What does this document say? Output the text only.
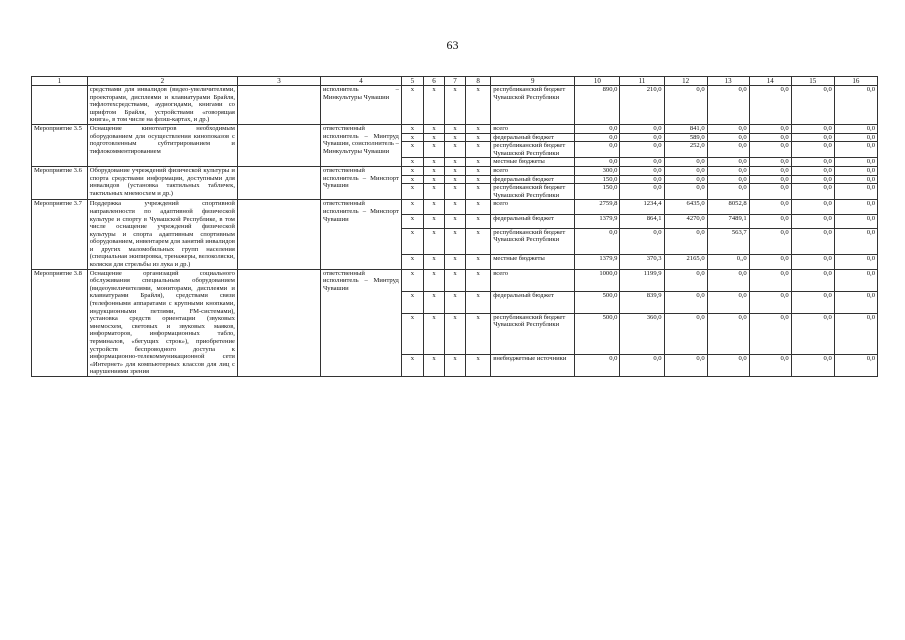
63
1	2	3	4	5	6	7	8	9	10	11	12	13	14	15	16
	средствами для инвалидов (видео-увеличителями, проекторами, дисплеями и клавиатурами Брайля, тифлотехсредствами, аудиогидами, книгами со шрифтом Брайля, устройствами «говорящая книга», в том числе на флэш-картах, и др.)		исполнитель – Минкультуры Чувашии	x	x	x	x	республиканский бюджет Чувашской Республики	890,0	210,0	0,0	0,0	0,0	0,0	0,0
Мероприятие 3.5	Оснащение кинотеатров необходимым оборудованием для осуществления кинопоказов с подготовленным субтитрированием и тифлокомментированием		ответственный исполнитель – Минтруд Чувашии, соисполнитель – Минкультуры Чувашии	x	x	x	x	всего	0,0	0,0	841,0	0,0	0,0	0,0	0,0
				x	x	x	x	федеральный бюджет	0,0	0,0	589,0	0,0	0,0	0,0	0,0
				x	x	x	x	республиканский бюджет Чувашской Республики	0,0	0,0	252,0	0,0	0,0	0,0	0,0
				x	x	x	x	местные бюджеты	0,0	0,0	0,0	0,0	0,0	0,0	0,0
Мероприятие 3.6	Оборудование учреждений физической культуры и спорта средствами информации, доступными для инвалидов (установка тактильных табличек, тактильных мнемосхем и др.)		ответственный исполнитель – Минспорт Чувашии	x	x	x	x	всего	300,0	0,0	0,0	0,0	0,0	0,0	0,0
				x	x	x	x	федеральный бюджет	150,0	0,0	0,0	0,0	0,0	0,0	0,0
				x	x	x	x	республиканский бюджет Чувашской Республики	150,0	0,0	0,0	0,0	0,0	0,0	0,0
Мероприятие 3.7	Поддержка учреждений спортивной направленности по адаптивной физической культуре и спорту в Чувашской Республике, в том числе оснащение учреждений физической культуры и спорта адаптивным спортивным оборудованием, инвентарем для занятий инвалидов и других маломобильных групп населения (специальная экипировка, тренажеры, велоколяски, коляски для стрельбы из лука и др.)		ответственный исполнитель – Минспорт Чувашии	x	x	x	x	всего	2759,8	1234,4	6435,0	8052,8	0,0	0,0	0,0
				x	x	x	x	федеральный бюджет	1379,9	864,1	4270,0	7489,1	0,0	0,0	0,0
				x	x	x	x	республиканский бюджет Чувашской Республики	0,0	0,0	0,0	563,7	0,0	0,0	0,0
				x	x	x	x	местные бюджеты	1379,9	370,3	2165,0	0,,0	0,0	0,0	0,0
Мероприятие 3.8	Оснащение организаций социального обслуживания специальным оборудованием (видеоувеличителями, мониторами, дисплеями и клавиатурами Брайля), средствами связи (телефонными аппаратами с крупными кнопками, индукционными петлями, FM-системами), установка средств ориентации (звуковых мнемосхем, световых и звуковых маяков, информаторов, информационных табло, терминалов, «бегущих строк»), приобретение устройств беспроводного доступа к информационно-телекоммуникационной сети «Интернет» для компьютерных классов для лиц с нарушениями зрения		ответственный исполнитель – Минтруд Чувашии	x	x	x	x	всего	1000,0	1199,9	0,0	0,0	0,0	0,0	0,0
				x	x	x	x	федеральный бюджет	500,0	839,9	0,0	0,0	0,0	0,0	0,0
				x	x	x	x	республиканский бюджет Чувашской Республики	500,0	360,0	0,0	0,0	0,0	0,0	0,0
				x	x	x	x	внебюджетные источники	0,0	0,0	0,0	0,0	0,0	0,0	0,0
